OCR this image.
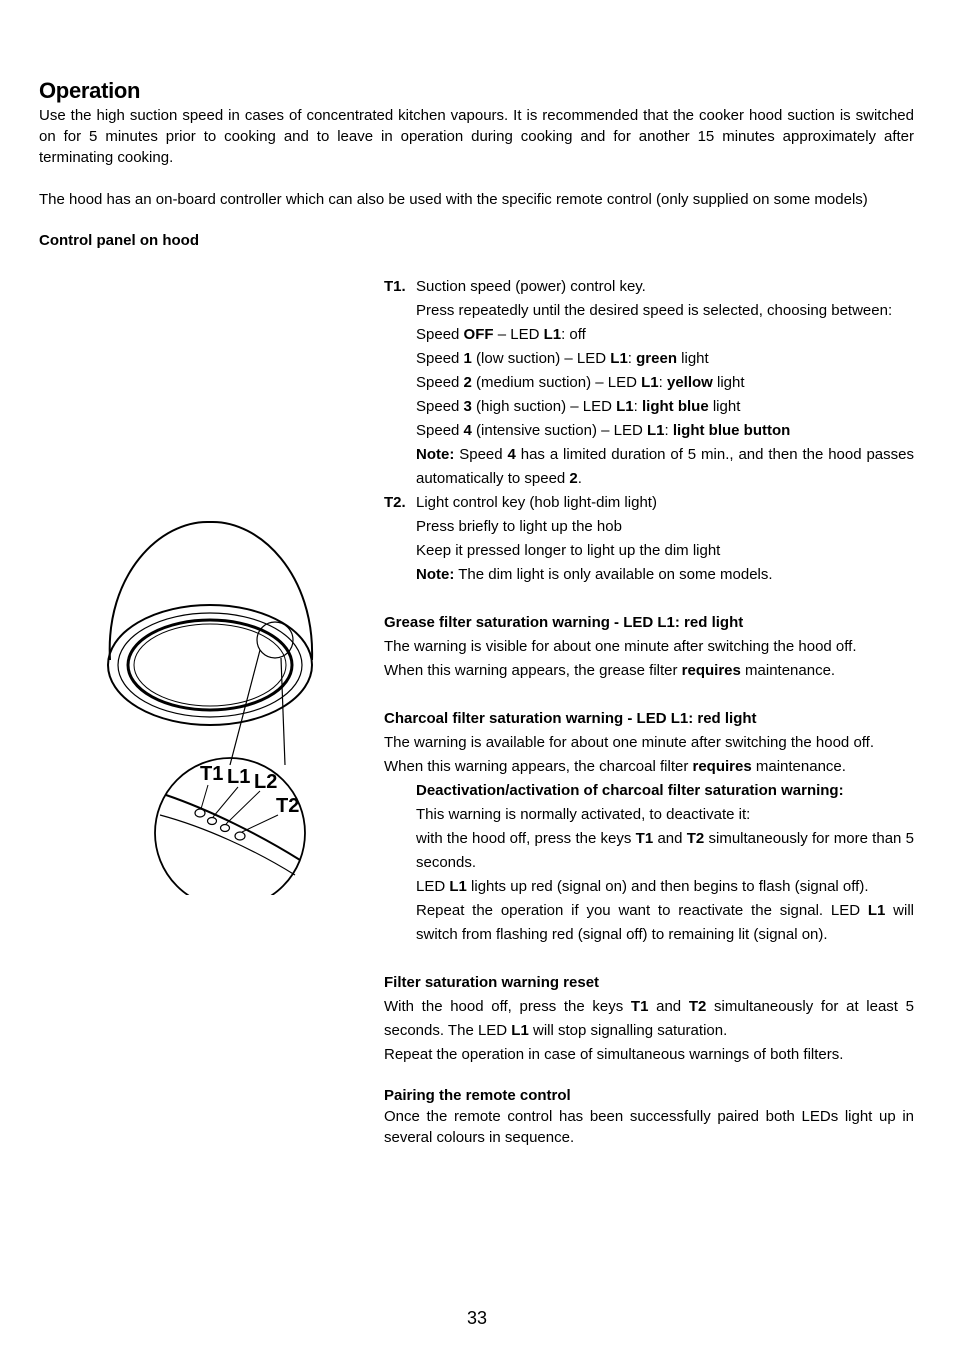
Operation
Use the high suction speed in cases of concentrated kitchen vapours. It is recommended that the cooker hood suction is switched on for 5 minutes prior to cooking and to leave in operation during cooking and for another 15 minutes approximately after terminating cooking.
The hood has an on-board controller which can also be used with the specific remote control (only supplied on some models)
Control panel on hood
T1 L1 L2
T2
T1. Suction speed (power) control key.
Press repeatedly until the desired speed is selected, choosing between:
Speed OFF – LED L1: off
Speed 1 (low suction) – LED L1: green light
Speed 2 (medium suction) – LED L1: yellow light
Speed 3 (high suction) – LED L1: light blue light
Speed 4 (intensive suction) – LED L1: light blue button
Note: Speed 4 has a limited duration of 5 min., and then the hood passes automatically to speed 2.
T2. Light control key (hob light-dim light)
Press briefly to light up the hob
Keep it pressed longer to light up the dim light
Note: The dim light is only available on some models.
Grease filter saturation warning - LED L1: red light
The warning is visible for about one minute after switching the hood off.
When this warning appears, the grease filter requires maintenance.
Charcoal filter saturation warning - LED L1: red light
The warning is available for about one minute after switching the hood off.
When this warning appears, the charcoal filter requires maintenance.
Deactivation/activation of charcoal filter saturation warning:
This warning is normally activated, to deactivate it:
with the hood off, press the keys T1 and T2 simultaneously for more than 5 seconds.
LED L1 lights up red (signal on) and then begins to flash (signal off).
Repeat the operation if you want to reactivate the signal. LED L1 will switch from flashing red (signal off) to remaining lit (signal on).
Filter saturation warning reset
With the hood off, press the keys T1 and T2 simultaneously for at least 5 seconds. The LED L1 will stop signalling saturation.
Repeat the operation in case of simultaneous warnings of both filters.
Pairing the remote control
Once the remote control has been successfully paired both LEDs light up in several colours in sequence.
33
